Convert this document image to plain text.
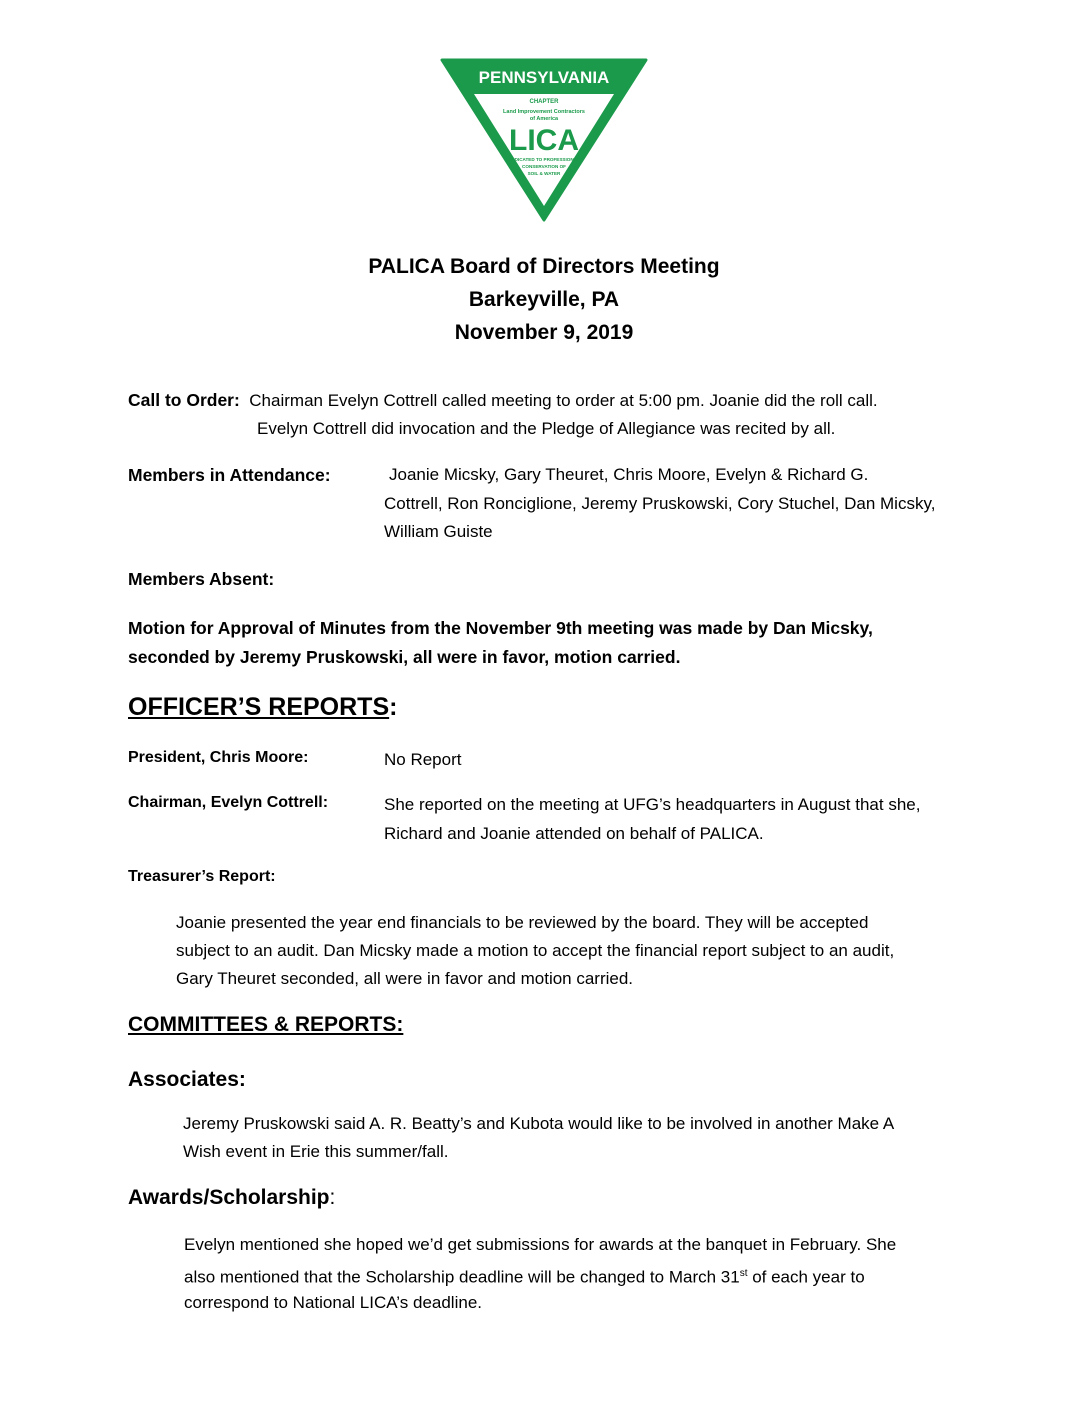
PENNSYLVANIA
CHAPTER
Land Improvement Contractors
of America
LICA
DEDICATED TO PROFESSIONAL
CONSERVATION OF
SOIL & WATER
PALICA Board of Directors Meeting
Barkeyville, PA
November 9, 2019
Call to Order: Chairman Evelyn Cottrell called meeting to order at 5:00 pm. Joanie did the roll call.
Evelyn Cottrell did invocation and the Pledge of Allegiance was recited by all.
Members in Attendance:	Joanie Micsky, Gary Theuret, Chris Moore, Evelyn & Richard G.
Cottrell, Ron Ronciglione, Jeremy Pruskowski, Cory Stuchel, Dan Micsky,
William Guiste
Members Absent:
Motion for Approval of Minutes from the November 9th meeting was made by Dan Micsky,
seconded by Jeremy Pruskowski, all were in favor, motion carried.
OFFICER’S REPORTS:
President, Chris Moore:	No Report
Chairman, Evelyn Cottrell:	She reported on the meeting at UFG’s headquarters in August that she,
Richard and Joanie attended on behalf of PALICA.
Treasurer’s Report:
Joanie presented the year end financials to be reviewed by the board. They will be accepted
subject to an audit. Dan Micsky made a motion to accept the financial report subject to an audit,
Gary Theuret seconded, all were in favor and motion carried.
COMMITTEES & REPORTS:
Associates:
Jeremy Pruskowski said A. R. Beatty’s and Kubota would like to be involved in another Make A
Wish event in Erie this summer/fall.
Awards/Scholarship:
Evelyn mentioned she hoped we’d get submissions for awards at the banquet in February. She
also mentioned that the Scholarship deadline will be changed to March 31st of each year to
correspond to National LICA’s deadline.
